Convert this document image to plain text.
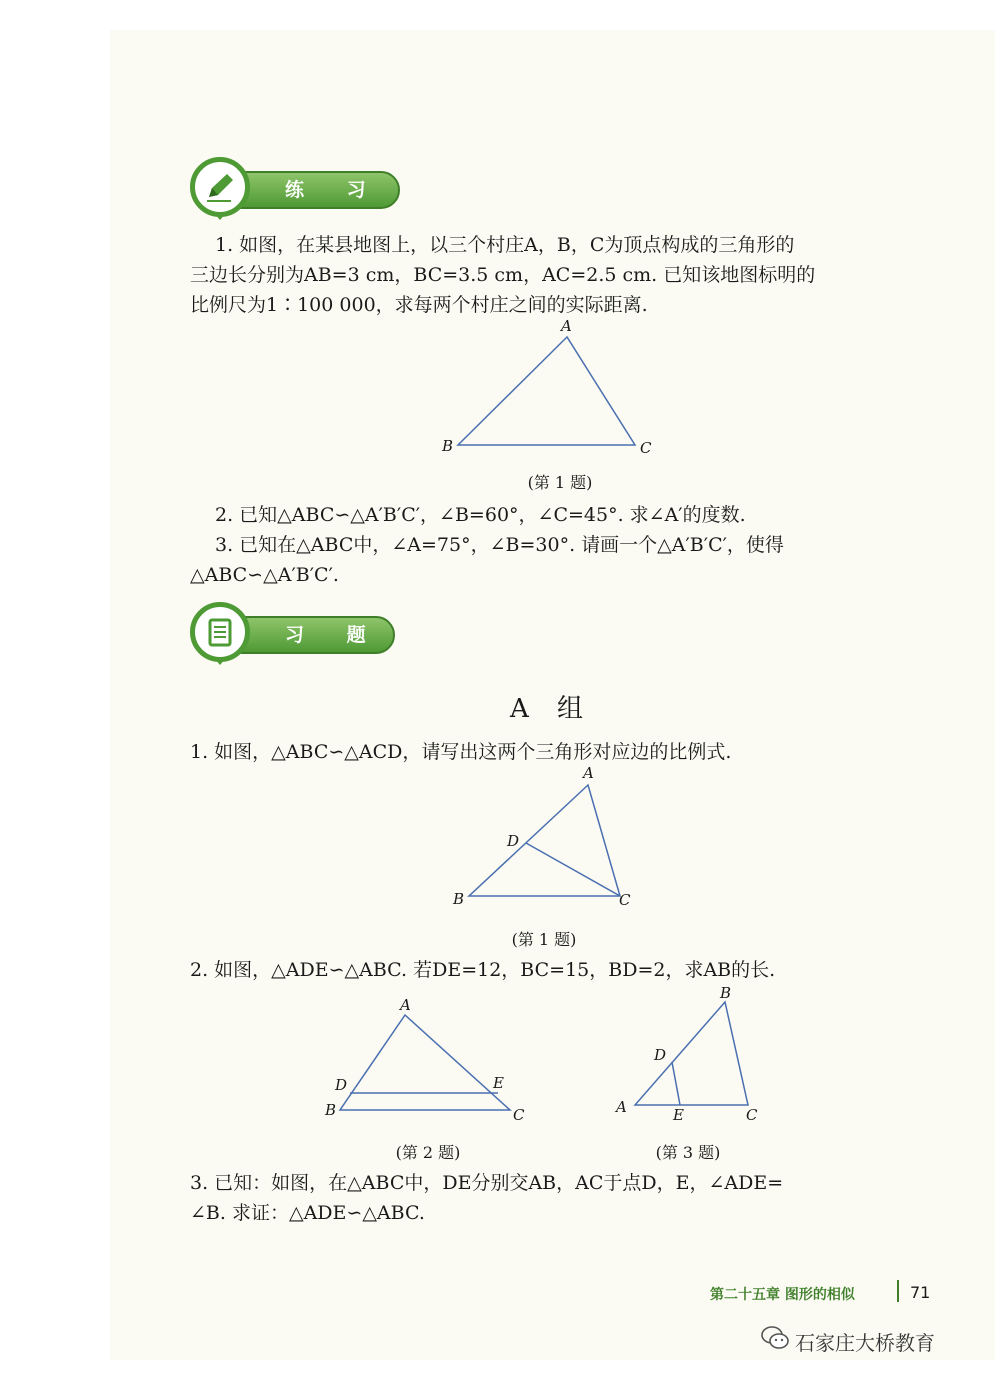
练 习
1. 如图，在某县地图上，以三个村庄A，B，C为顶点构成的三角形的
三边长分别为AB=3 cm，BC=3.5 cm，AC=2.5 cm. 已知该地图标明的
比例尺为1∶100 000，求每两个村庄之间的实际距离.
A
B	C
(第 1 题)
2. 已知△ABC∽△A′B′C′，∠B=60°，∠C=45°. 求∠A′的度数.
3. 已知在△ABC中，∠A=75°，∠B=30°. 请画一个△A′B′C′，使得
△ABC∽△A′B′C′.
习 题
A 组
1. 如图，△ABC∽△ACD，请写出这两个三角形对应边的比例式.
A
D
B	C
(第 1 题)
2. 如图，△ADE∽△ABC. 若DE=12，BC=15，BD=2，求AB的长.
A
D
B
E
C
(第 2 题)
B
D
A	E	C
(第 3 题)
3. 已知：如图，在△ABC中，DE分别交AB，AC于点D，E，∠ADE=
∠B. 求证：△ADE∽△ABC.
第二十五章 图形的相似	71
石家庄大桥教育
